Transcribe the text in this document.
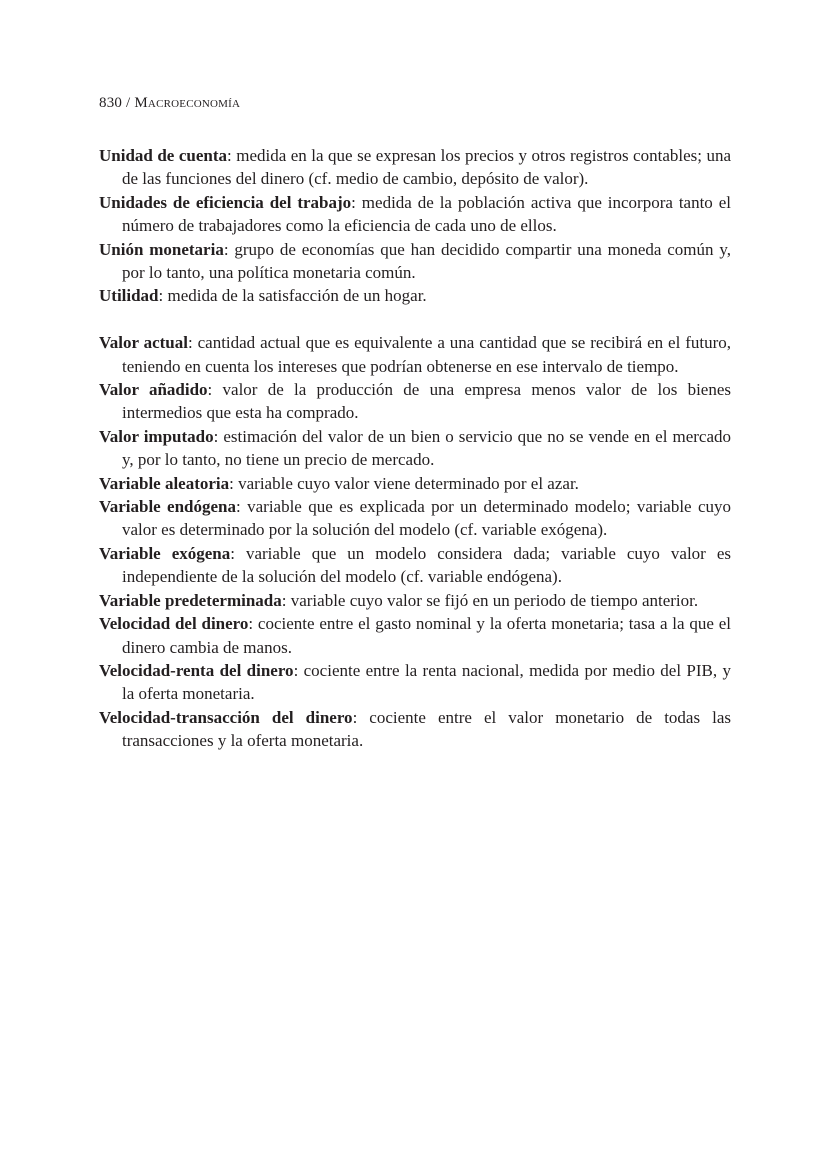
830 / Macroeconomía
Unidad de cuenta: medida en la que se expresan los precios y otros registros contables; una de las funciones del dinero (cf. medio de cambio, depósito de valor).
Unidades de eficiencia del trabajo: medida de la población activa que incorpora tanto el número de trabajadores como la eficiencia de cada uno de ellos.
Unión monetaria: grupo de economías que han decidido compartir una moneda común y, por lo tanto, una política monetaria común.
Utilidad: medida de la satisfacción de un hogar.
Valor actual: cantidad actual que es equivalente a una cantidad que se recibirá en el futuro, teniendo en cuenta los intereses que podrían obtenerse en ese intervalo de tiempo.
Valor añadido: valor de la producción de una empresa menos valor de los bienes intermedios que esta ha comprado.
Valor imputado: estimación del valor de un bien o servicio que no se vende en el mercado y, por lo tanto, no tiene un precio de mercado.
Variable aleatoria: variable cuyo valor viene determinado por el azar.
Variable endógena: variable que es explicada por un determinado modelo; variable cuyo valor es determinado por la solución del modelo (cf. variable exógena).
Variable exógena: variable que un modelo considera dada; variable cuyo valor es independiente de la solución del modelo (cf. variable endógena).
Variable predeterminada: variable cuyo valor se fijó en un periodo de tiempo anterior.
Velocidad del dinero: cociente entre el gasto nominal y la oferta monetaria; tasa a la que el dinero cambia de manos.
Velocidad-renta del dinero: cociente entre la renta nacional, medida por medio del PIB, y la oferta monetaria.
Velocidad-transacción del dinero: cociente entre el valor monetario de todas las transacciones y la oferta monetaria.
